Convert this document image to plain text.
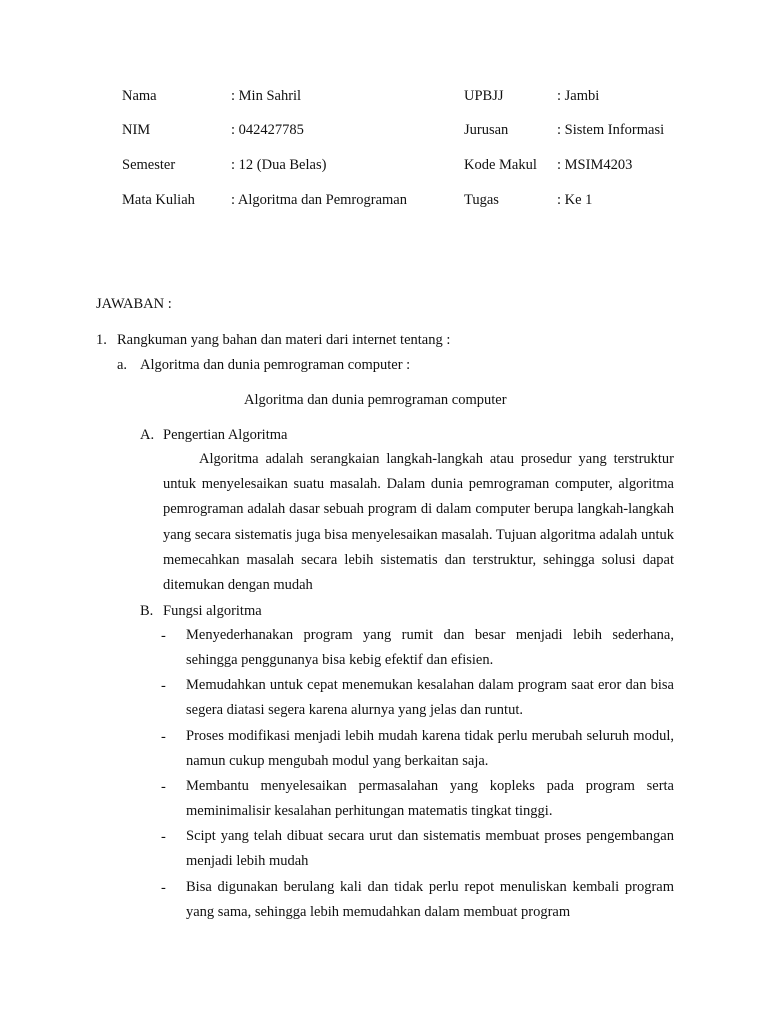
Nama	: Min Sahril	UPBJJ	: Jambi
NIM	: 042427785	Jurusan	: Sistem Informasi
Semester	: 12 (Dua Belas)	Kode Makul : MSIM4203
Mata Kuliah : Algoritma dan Pemrograman	Tugas	: Ke 1
JAWABAN :
1. Rangkuman yang bahan dan materi dari internet tentang :
a. Algoritma dan dunia pemrograman computer :
Algoritma dan dunia pemrograman computer
A. Pengertian Algoritma
Algoritma adalah serangkaian langkah-langkah atau prosedur yang terstruktur untuk menyelesaikan suatu masalah. Dalam dunia pemrograman computer, algoritma pemrograman adalah dasar sebuah program di dalam computer berupa langkah-langkah yang secara sistematis juga bisa menyelesaikan masalah. Tujuan algoritma adalah untuk memecahkan masalah secara lebih sistematis dan terstruktur, sehingga solusi dapat ditemukan dengan mudah
B. Fungsi algoritma
- Menyederhanakan program yang rumit dan besar menjadi lebih sederhana, sehingga penggunanya bisa kebig efektif dan efisien.
- Memudahkan untuk cepat menemukan kesalahan dalam program saat eror dan bisa segera diatasi segera karena alurnya yang jelas dan runtut.
- Proses modifikasi menjadi lebih mudah karena tidak perlu merubah seluruh modul, namun cukup mengubah modul yang berkaitan saja.
- Membantu menyelesaikan permasalahan yang kopleks pada program serta meminimalisir kesalahan perhitungan matematis tingkat tinggi.
- Scipt yang telah dibuat secara urut dan sistematis membuat proses pengembangan menjadi lebih mudah
- Bisa digunakan berulang kali dan tidak perlu repot menuliskan kembali program yang sama, sehingga lebih memudahkan dalam membuat program
